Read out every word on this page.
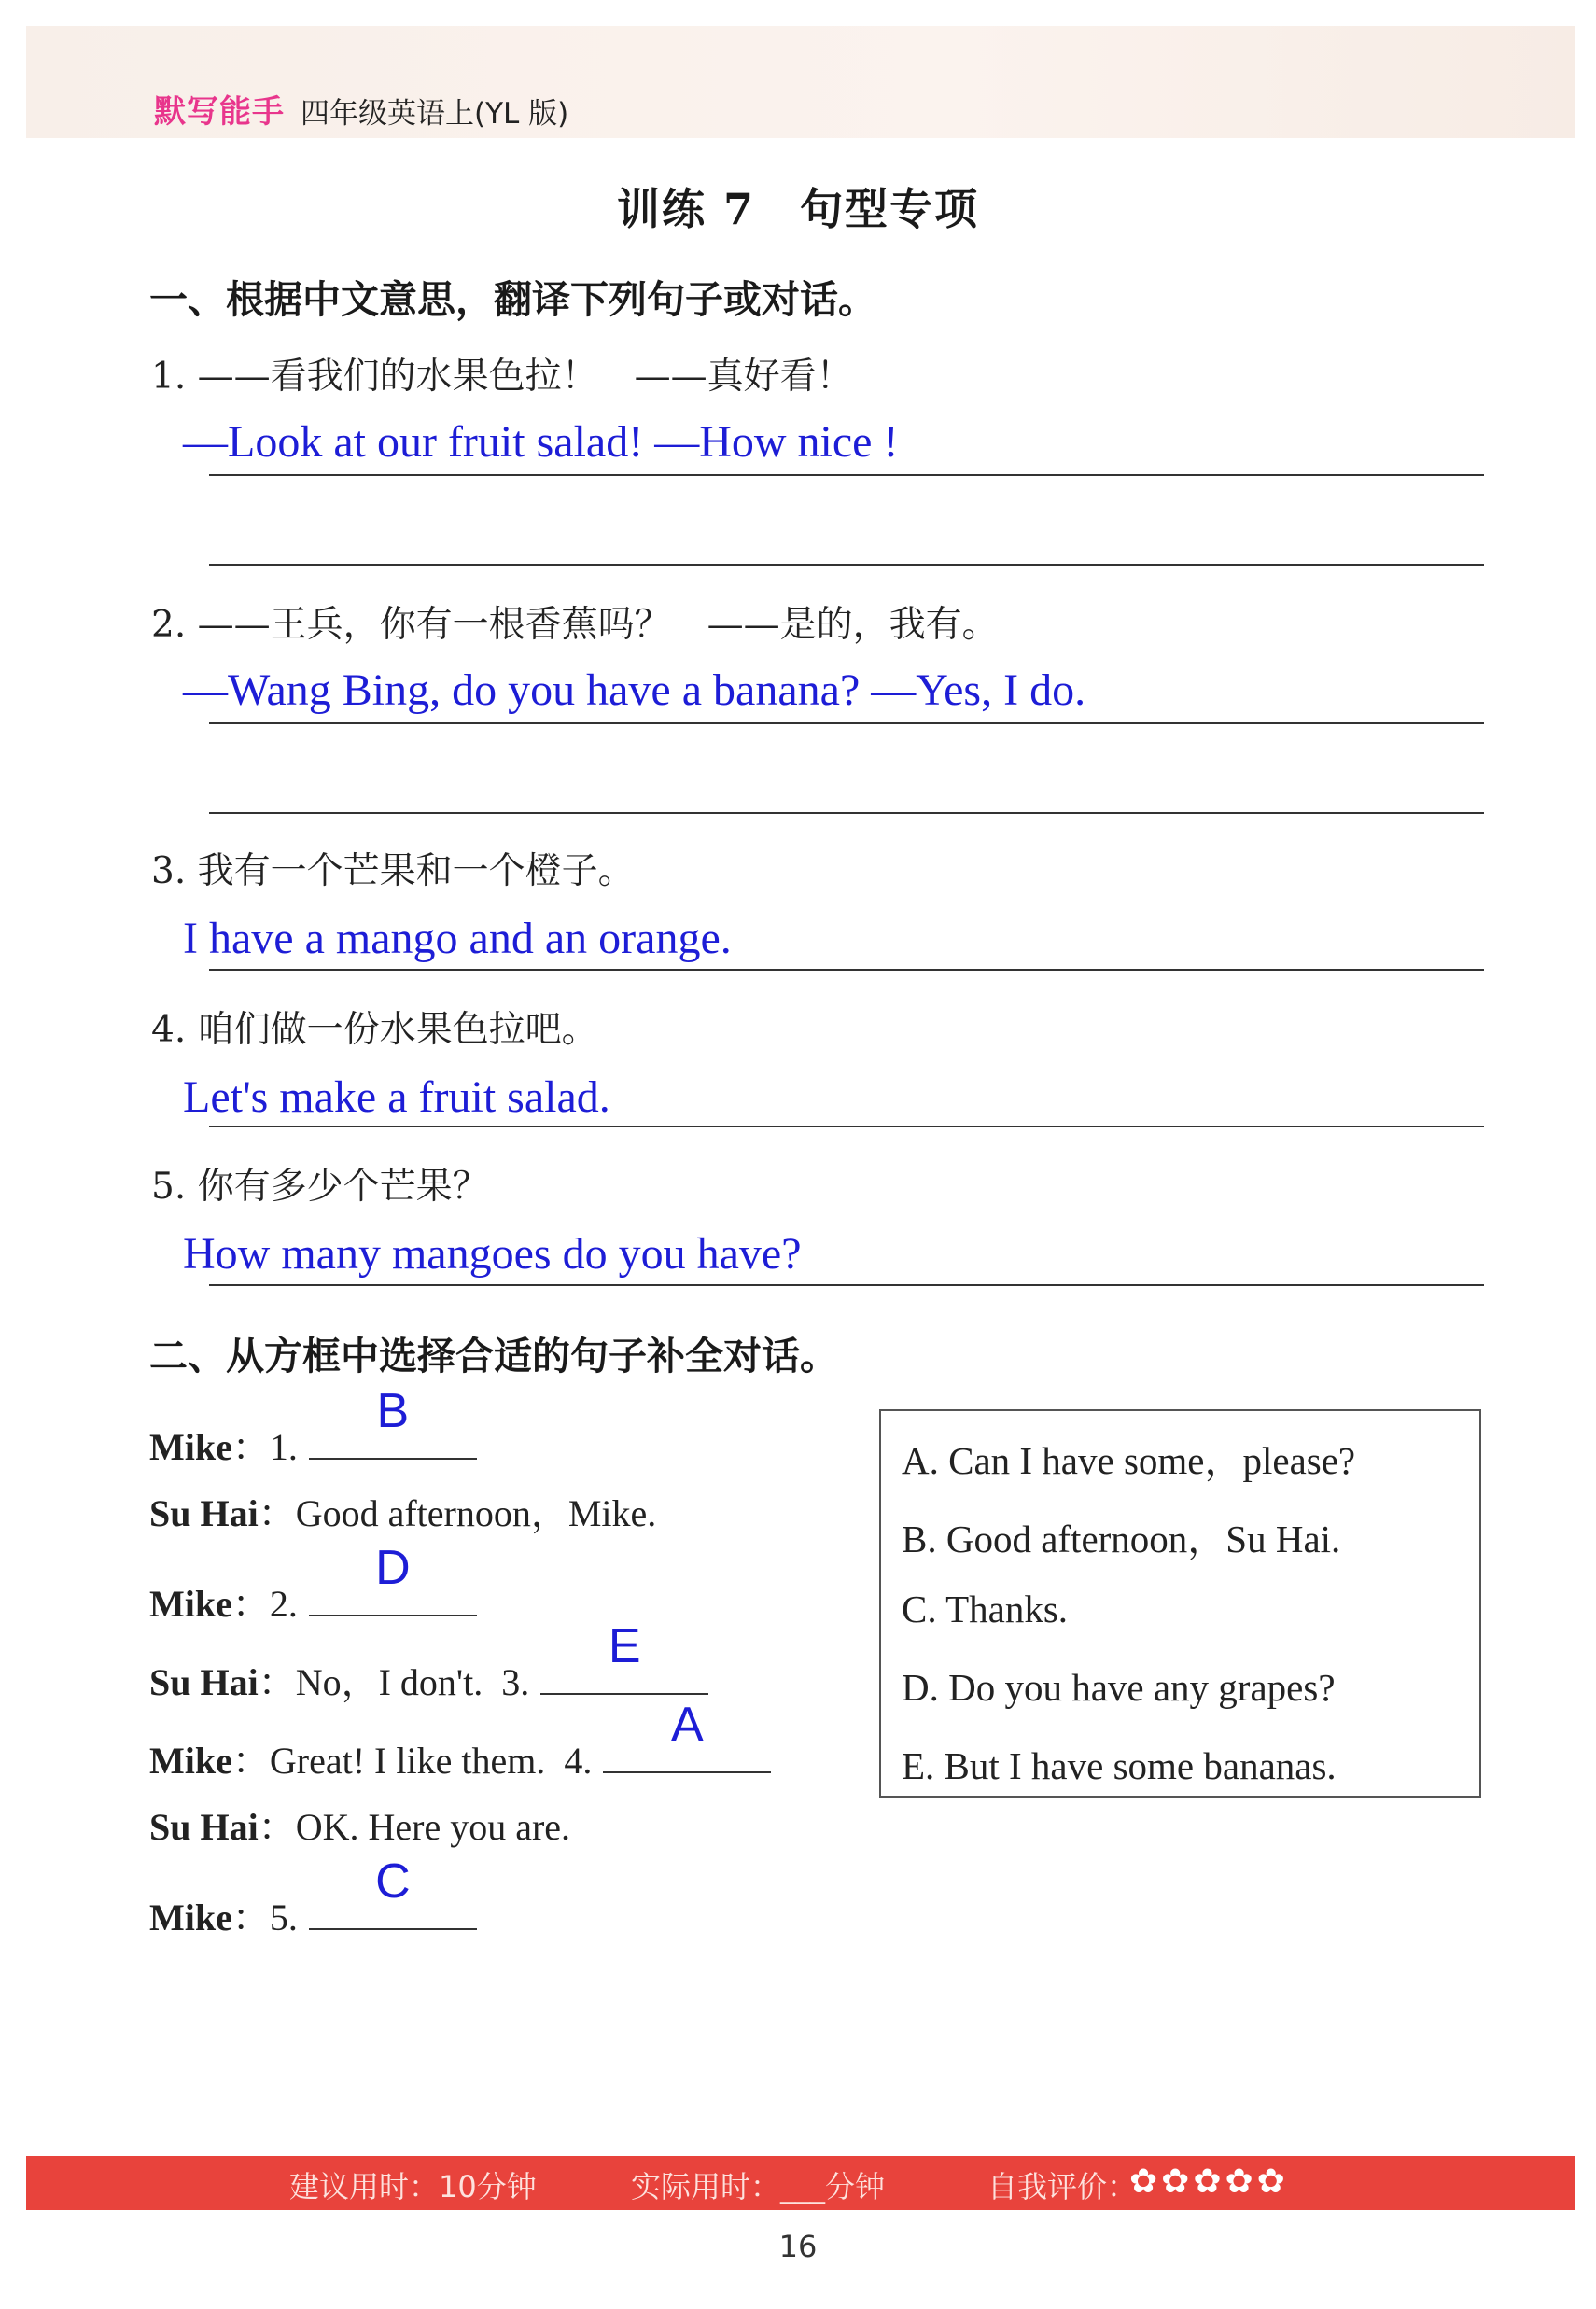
默写能手 四年级英语上(YL 版)
训练 7　句型专项
一、根据中文意思，翻译下列句子或对话。
1. ——看我们的水果色拉！　——真好看！
—Look at our fruit salad! —How nice !
2. ——王兵，你有一根香蕉吗？　——是的，我有。
—Wang Bing, do you have a banana? —Yes, I do.
3. 我有一个芒果和一个橙子。
I have a mango and an orange.
4. 咱们做一份水果色拉吧。
Let's make a fruit salad.
5. 你有多少个芒果？
How many mangoes do you have?
二、从方框中选择合适的句子补全对话。
Mike：1.
B
Su Hai：Good afternoon，Mike.
Mike：2.
D
Su Hai：No，I don't. 3.
E
Mike：Great! I like them. 4.
A
Su Hai：OK. Here you are.
Mike：5.
C
A. Can I have some，please?
B. Good afternoon，Su Hai.
C. Thanks.
D. Do you have any grapes?
E. But I have some bananas.
建议用时：10分钟	实际用时：___分钟	自我评价：
✿✿✿✿✿
16
